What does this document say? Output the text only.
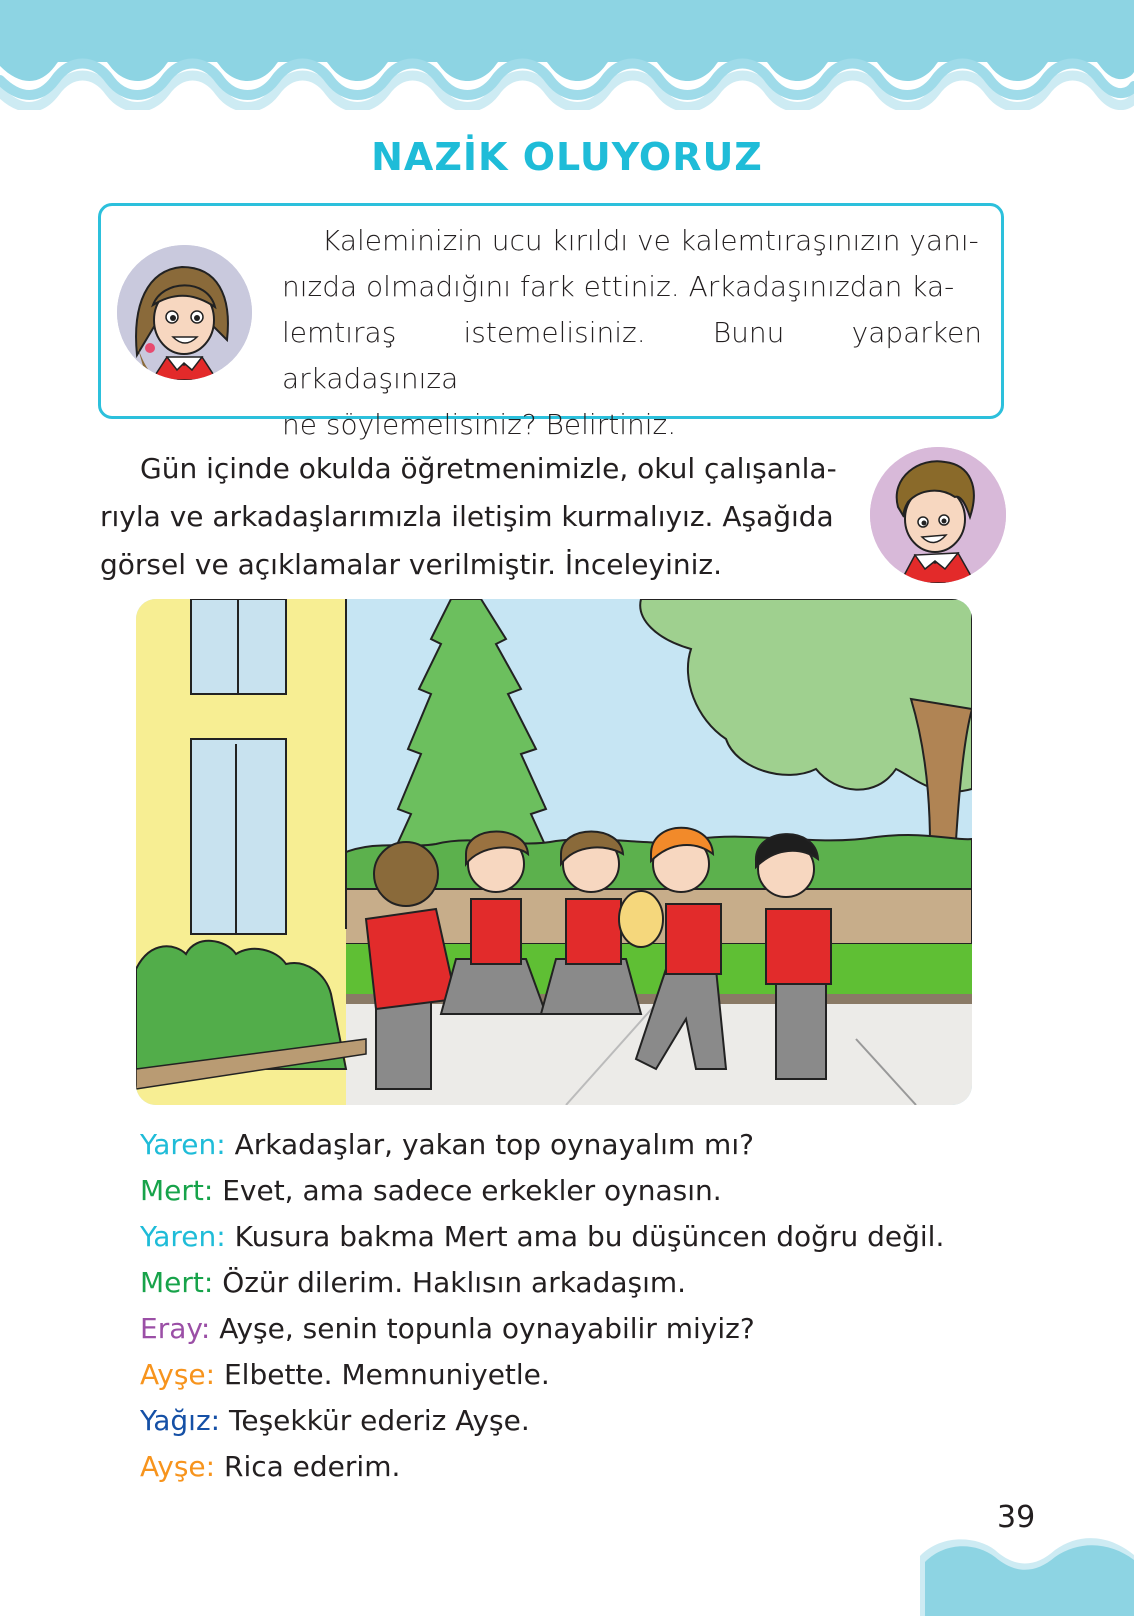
NAZİK OLUYORUZ
Kaleminizin ucu kırıldı ve kalemtıraşınızın yanı-
nızda olmadığını fark ettiniz. Arkadaşınızdan ka-
lemtıraş istemelisiniz. Bunu yaparken arkadaşınıza
ne söylemelisiniz? Belirtiniz.
Gün içinde okulda öğretmenimizle, okul çalışanla-
rıyla ve arkadaşlarımızla iletişim kurmalıyız. Aşağıda
görsel ve açıklamalar verilmiştir. İnceleyiniz.
Yaren: Arkadaşlar, yakan top oynayalım mı?
Mert: Evet, ama sadece erkekler oynasın.
Yaren: Kusura bakma Mert ama bu düşüncen doğru değil.
Mert: Özür dilerim. Haklısın arkadaşım.
Eray: Ayşe, senin topunla oynayabilir miyiz?
Ayşe: Elbette. Memnuniyetle.
Yağız: Teşekkür ederiz Ayşe.
Ayşe: Rica ederim.
39
